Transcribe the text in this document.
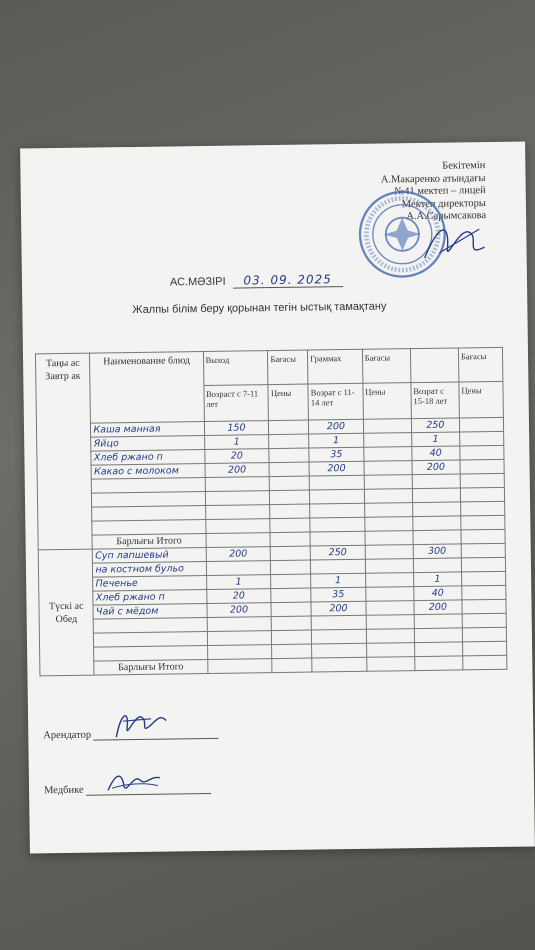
Бекітемін
А.Макаренко атындағы
№41 мектеп – лицей
Мектеп директоры
А.А.Сарымсакова
АС.МӘЗІРІ 03. 09. 2025
Жалпы білім беру қорынан тегін ыстық тамақтану
Таңы ас Завтр ак	Наименование блюд	Выход	Бағасы	Граммах	Бағасы		Бағасы
		Возраст с 7-11 лет	Цены	Возрат с 11-14 лет	Цены	Возрат с 15-18 лет	Цены
	Каша манная	150		200		250	
	Яйцо	1		1		1	
	Хлеб ржано п	20		35		40	
	Какао с молоком	200		200		200	

	Барлығы Итого						
Түскі ас Обед	Суп лапшевый	200		250		300	
	на костном бульо						
	Печенье	1		1		1	
	Хлеб ржано п	20		35		40	
	Чай с мёдом	200		200		200	

	Барлығы Итого						
Арендатор
Медбике
